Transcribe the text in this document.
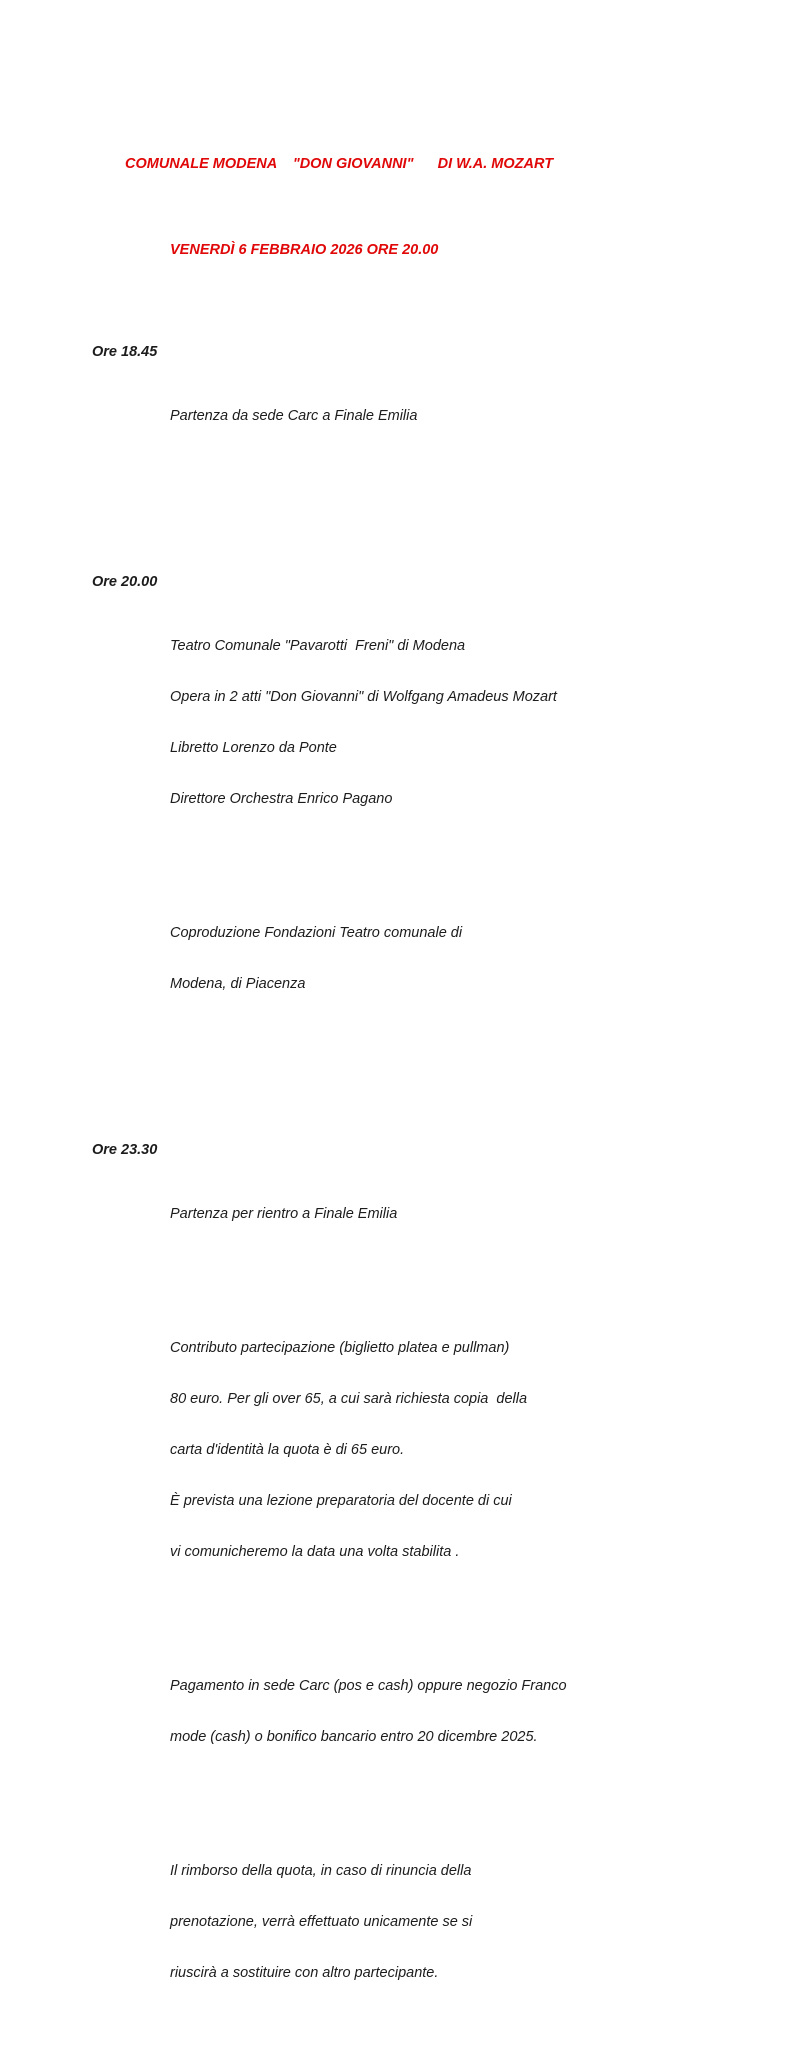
COMUNALE MODENA    "DON GIOVANNI"      DI W.A. MOZART

VENERDÌ 6 FEBBRAIO 2026 ORE 20.00

Ore 18.45

Partenza da sede Carc a Finale Emilia

Ore 20.00

Teatro Comunale "Pavarotti  Freni" di Modena

Opera in 2 atti "Don Giovanni" di Wolfgang Amadeus Mozart

Libretto Lorenzo da Ponte

Direttore Orchestra Enrico Pagano

Coproduzione Fondazioni Teatro comunale di

Modena, di Piacenza

Ore 23.30

Partenza per rientro a Finale Emilia

Contributo partecipazione (biglietto platea e pullman)

80 euro. Per gli over 65, a cui sarà richiesta copia  della

carta d'identità la quota è di 65 euro.

È prevista una lezione preparatoria del docente di cui

vi comunicheremo la data una volta stabilita .

Pagamento in sede Carc (pos e cash) oppure negozio Franco

mode (cash) o bonifico bancario entro 20 dicembre 2025.

Il rimborso della quota, in caso di rinuncia della

prenotazione, verrà effettuato unicamente se si

riuscirà a sostituire con altro partecipante.
